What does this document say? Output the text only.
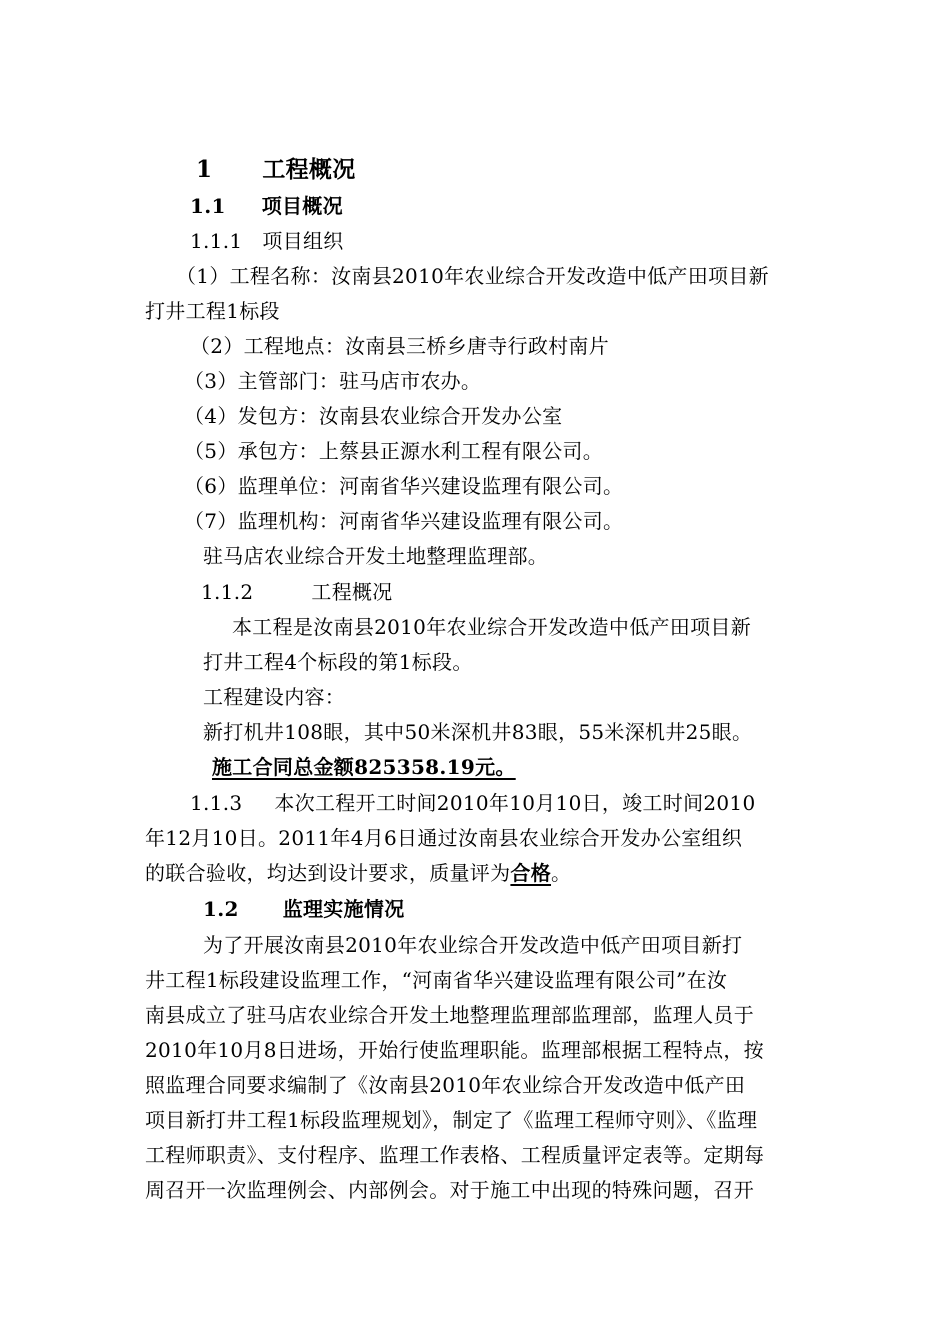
1 工程概况
1.1 项目概况
1.1.1 项目组织
（1）工程名称：汝南县2010年农业综合开发改造中低产田项目新
打井工程1标段
（2）工程地点：汝南县三桥乡唐寺行政村南片
（3）主管部门：驻马店市农办。
（4）发包方：汝南县农业综合开发办公室
（5）承包方：上蔡县正源水利工程有限公司。
（6）监理单位：河南省华兴建设监理有限公司。
（7）监理机构：河南省华兴建设监理有限公司。
驻马店农业综合开发土地整理监理部。
1.1.2	工程概况
本工程是汝南县2010年农业综合开发改造中低产田项目新
打井工程4个标段的第1标段。
工程建设内容：
新打机井108眼，其中50米深机井83眼，55米深机井25眼。
施工合同总金额825358.19元。
1.1.3 本次工程开工时间2010年10月10日，竣工时间2010
年12月10日。2011年4月6日通过汝南县农业综合开发办公室组织
的联合验收，均达到设计要求，质量评为合格。
1.2 监理实施情况
为了开展汝南县2010年农业综合开发改造中低产田项目新打
井工程1标段建设监理工作，“河南省华兴建设监理有限公司”在汝
南县成立了驻马店农业综合开发土地整理监理部监理部，监理人员于
2010年10月8日进场，开始行使监理职能。监理部根据工程特点，按
照监理合同要求编制了《汝南县2010年农业综合开发改造中低产田
项目新打井工程1标段监理规划》，制定了《监理工程师守则》、《监理
工程师职责》、支付程序、监理工作表格、工程质量评定表等。定期每
周召开一次监理例会、内部例会。对于施工中出现的特殊问题，召开
